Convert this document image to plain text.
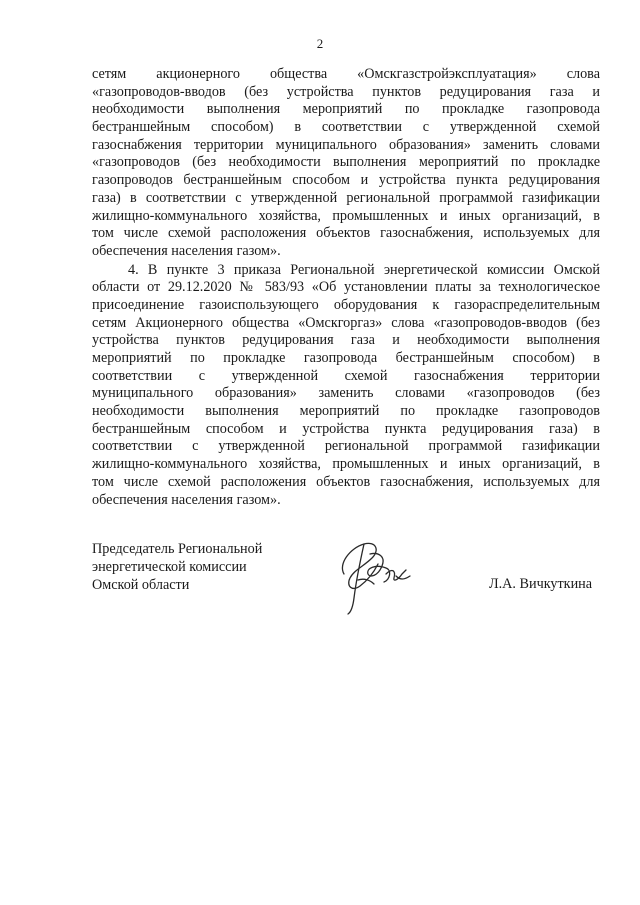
2
сетям акционерного общества «Омскгазстройэксплуатация» слова
«газопроводов-вводов (без устройства пунктов редуцирования газа и
необходимости выполнения мероприятий по прокладке газопровода
бестраншейным способом) в соответствии с утвержденной схемой
газоснабжения территории муниципального образования» заменить словами
«газопроводов (без необходимости выполнения мероприятий по прокладке
газопроводов бестраншейным способом и устройства пункта редуцирования
газа) в соответствии с утвержденной региональной программой газификации
жилищно-коммунального хозяйства, промышленных и иных организаций, в
том числе схемой расположения объектов газоснабжения, используемых для
обеспечения населения газом».
4. В пункте 3 приказа Региональной энергетической комиссии Омской
области от 29.12.2020 № 583/93 «Об установлении платы за технологическое
присоединение газоиспользующего оборудования к газораспределительным
сетям Акционерного общества «Омскгоргаз» слова «газопроводов-вводов (без
устройства пунктов редуцирования газа и необходимости выполнения
мероприятий по прокладке газопровода бестраншейным способом) в
соответствии с утвержденной схемой газоснабжения территории
муниципального образования» заменить словами «газопроводов (без
необходимости выполнения мероприятий по прокладке газопроводов
бестраншейным способом и устройства пункта редуцирования газа) в
соответствии с утвержденной региональной программой газификации
жилищно-коммунального хозяйства, промышленных и иных организаций, в
том числе схемой расположения объектов газоснабжения, используемых для
обеспечения населения газом».
Председатель Региональной
энергетической комиссии
Омской области	Л.А. Вичкуткина
